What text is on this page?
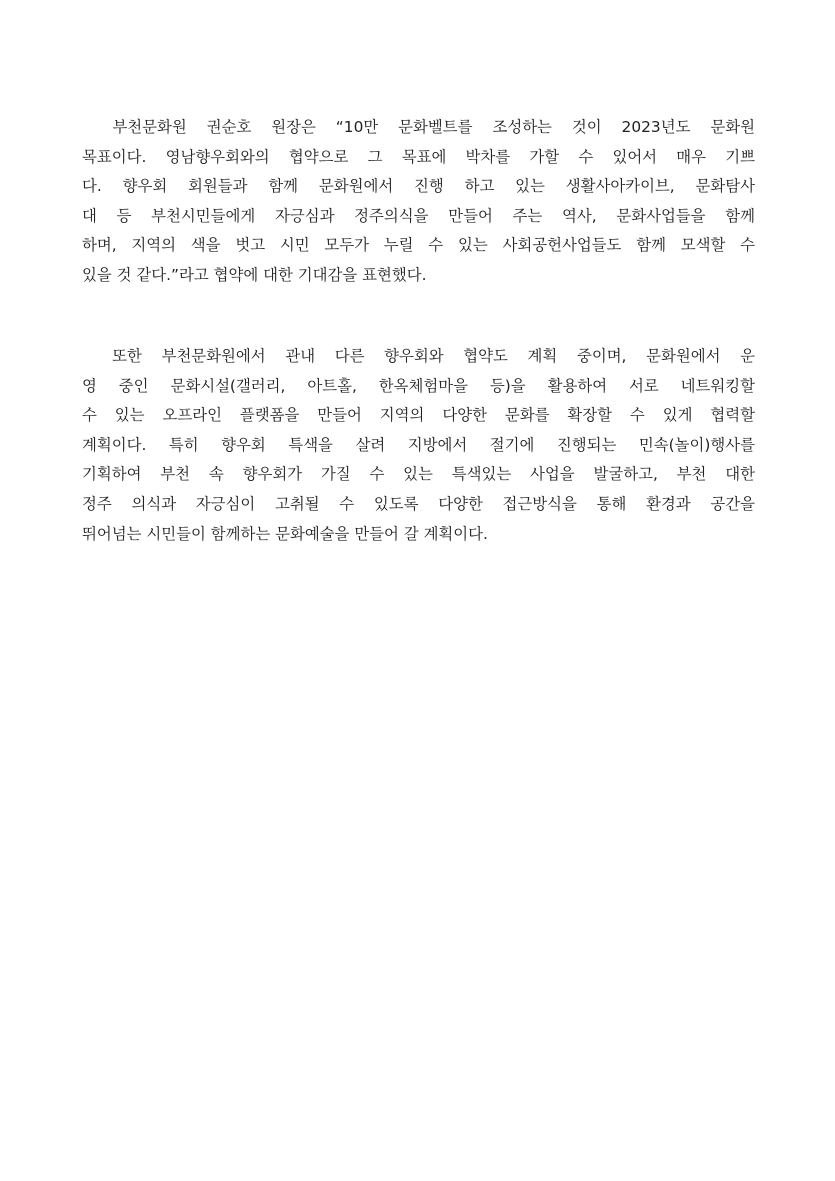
　부천문화원 권순호 원장은 “10만 문화벨트를 조성하는 것이 2023년도 문화원
목표이다. 영남향우회와의 협약으로 그 목표에 박차를 가할 수 있어서 매우 기쁘
다. 향우회 회원들과 함께 문화원에서 진행 하고 있는 생활사아카이브, 문화탐사
대 등 부천시민들에게 자긍심과 정주의식을 만들어 주는 역사, 문화사업들을 함께
하며, 지역의 색을 벗고 시민 모두가 누릴 수 있는 사회공헌사업들도 함께 모색할 수
있을 것 같다.”라고 협약에 대한 기대감을 표현했다.
　또한 부천문화원에서 관내 다른 향우회와 협약도 계획 중이며, 문화원에서 운
영 중인 문화시설(갤러리, 아트홀, 한옥체험마을 등)을 활용하여 서로 네트워킹할
수 있는 오프라인 플랫폼을 만들어 지역의 다양한 문화를 확장할 수 있게 협력할
계획이다. 특히 향우회 특색을 살려 지방에서 절기에 진행되는 민속(놀이)행사를
기획하여 부천 속 향우회가 가질 수 있는 특색있는 사업을 발굴하고, 부천 대한
정주 의식과 자긍심이 고취될 수 있도록 다양한 접근방식을 통해 환경과 공간을
뛰어넘는 시민들이 함께하는 문화예술을 만들어 갈 계획이다.
